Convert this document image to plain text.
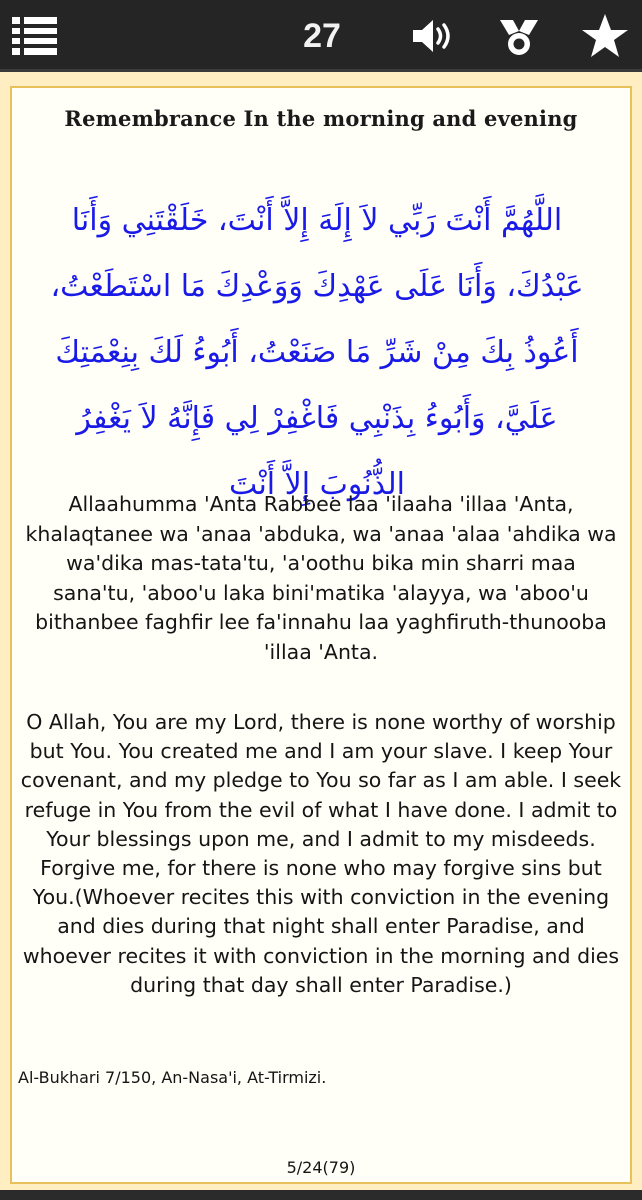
27
Remembrance In the morning and evening
اللَّهُمَّ أَنْتَ رَبِّي لاَ إِلَهَ إِلاَّ أَنْتَ، خَلَقْتَنِي وَأَنَا عَبْدُكَ، وَأَنَا عَلَى عَهْدِكَ وَوَعْدِكَ مَا اسْتَطَعْتُ، أَعُوذُ بِكَ مِنْ شَرِّ مَا صَنَعْتُ، أَبُوءُ لَكَ بِنِعْمَتِكَ عَلَيَّ، وَأَبُوءُ بِذَنْبِي فَاغْفِرْ لِي فَإِنَّهُ لاَ يَغْفِرُ الذُّنُوبَ إِلاَّ أَنْتَ
Allaahumma 'Anta Rabbee laa 'ilaaha 'illaa 'Anta, khalaqtanee wa 'anaa 'abduka, wa 'anaa 'alaa 'ahdika wa wa'dika mas-tata'tu, 'a'oothu bika min sharri maa sana'tu, 'aboo'u laka bini'matika 'alayya, wa 'aboo'u bithanbee faghfir lee fa'innahu laa yaghfiruth-thunooba 'illaa 'Anta.
O Allah, You are my Lord, there is none worthy of worship but You. You created me and I am your slave. I keep Your covenant, and my pledge to You so far as I am able. I seek refuge in You from the evil of what I have done. I admit to Your blessings upon me, and I admit to my misdeeds. Forgive me, for there is none who may forgive sins but You.(Whoever recites this with conviction in the evening and dies during that night shall enter Paradise, and whoever recites it with conviction in the morning and dies during that day shall enter Paradise.)
Al-Bukhari 7/150, An-Nasa'i, At-Tirmizi.
5/24(79)
